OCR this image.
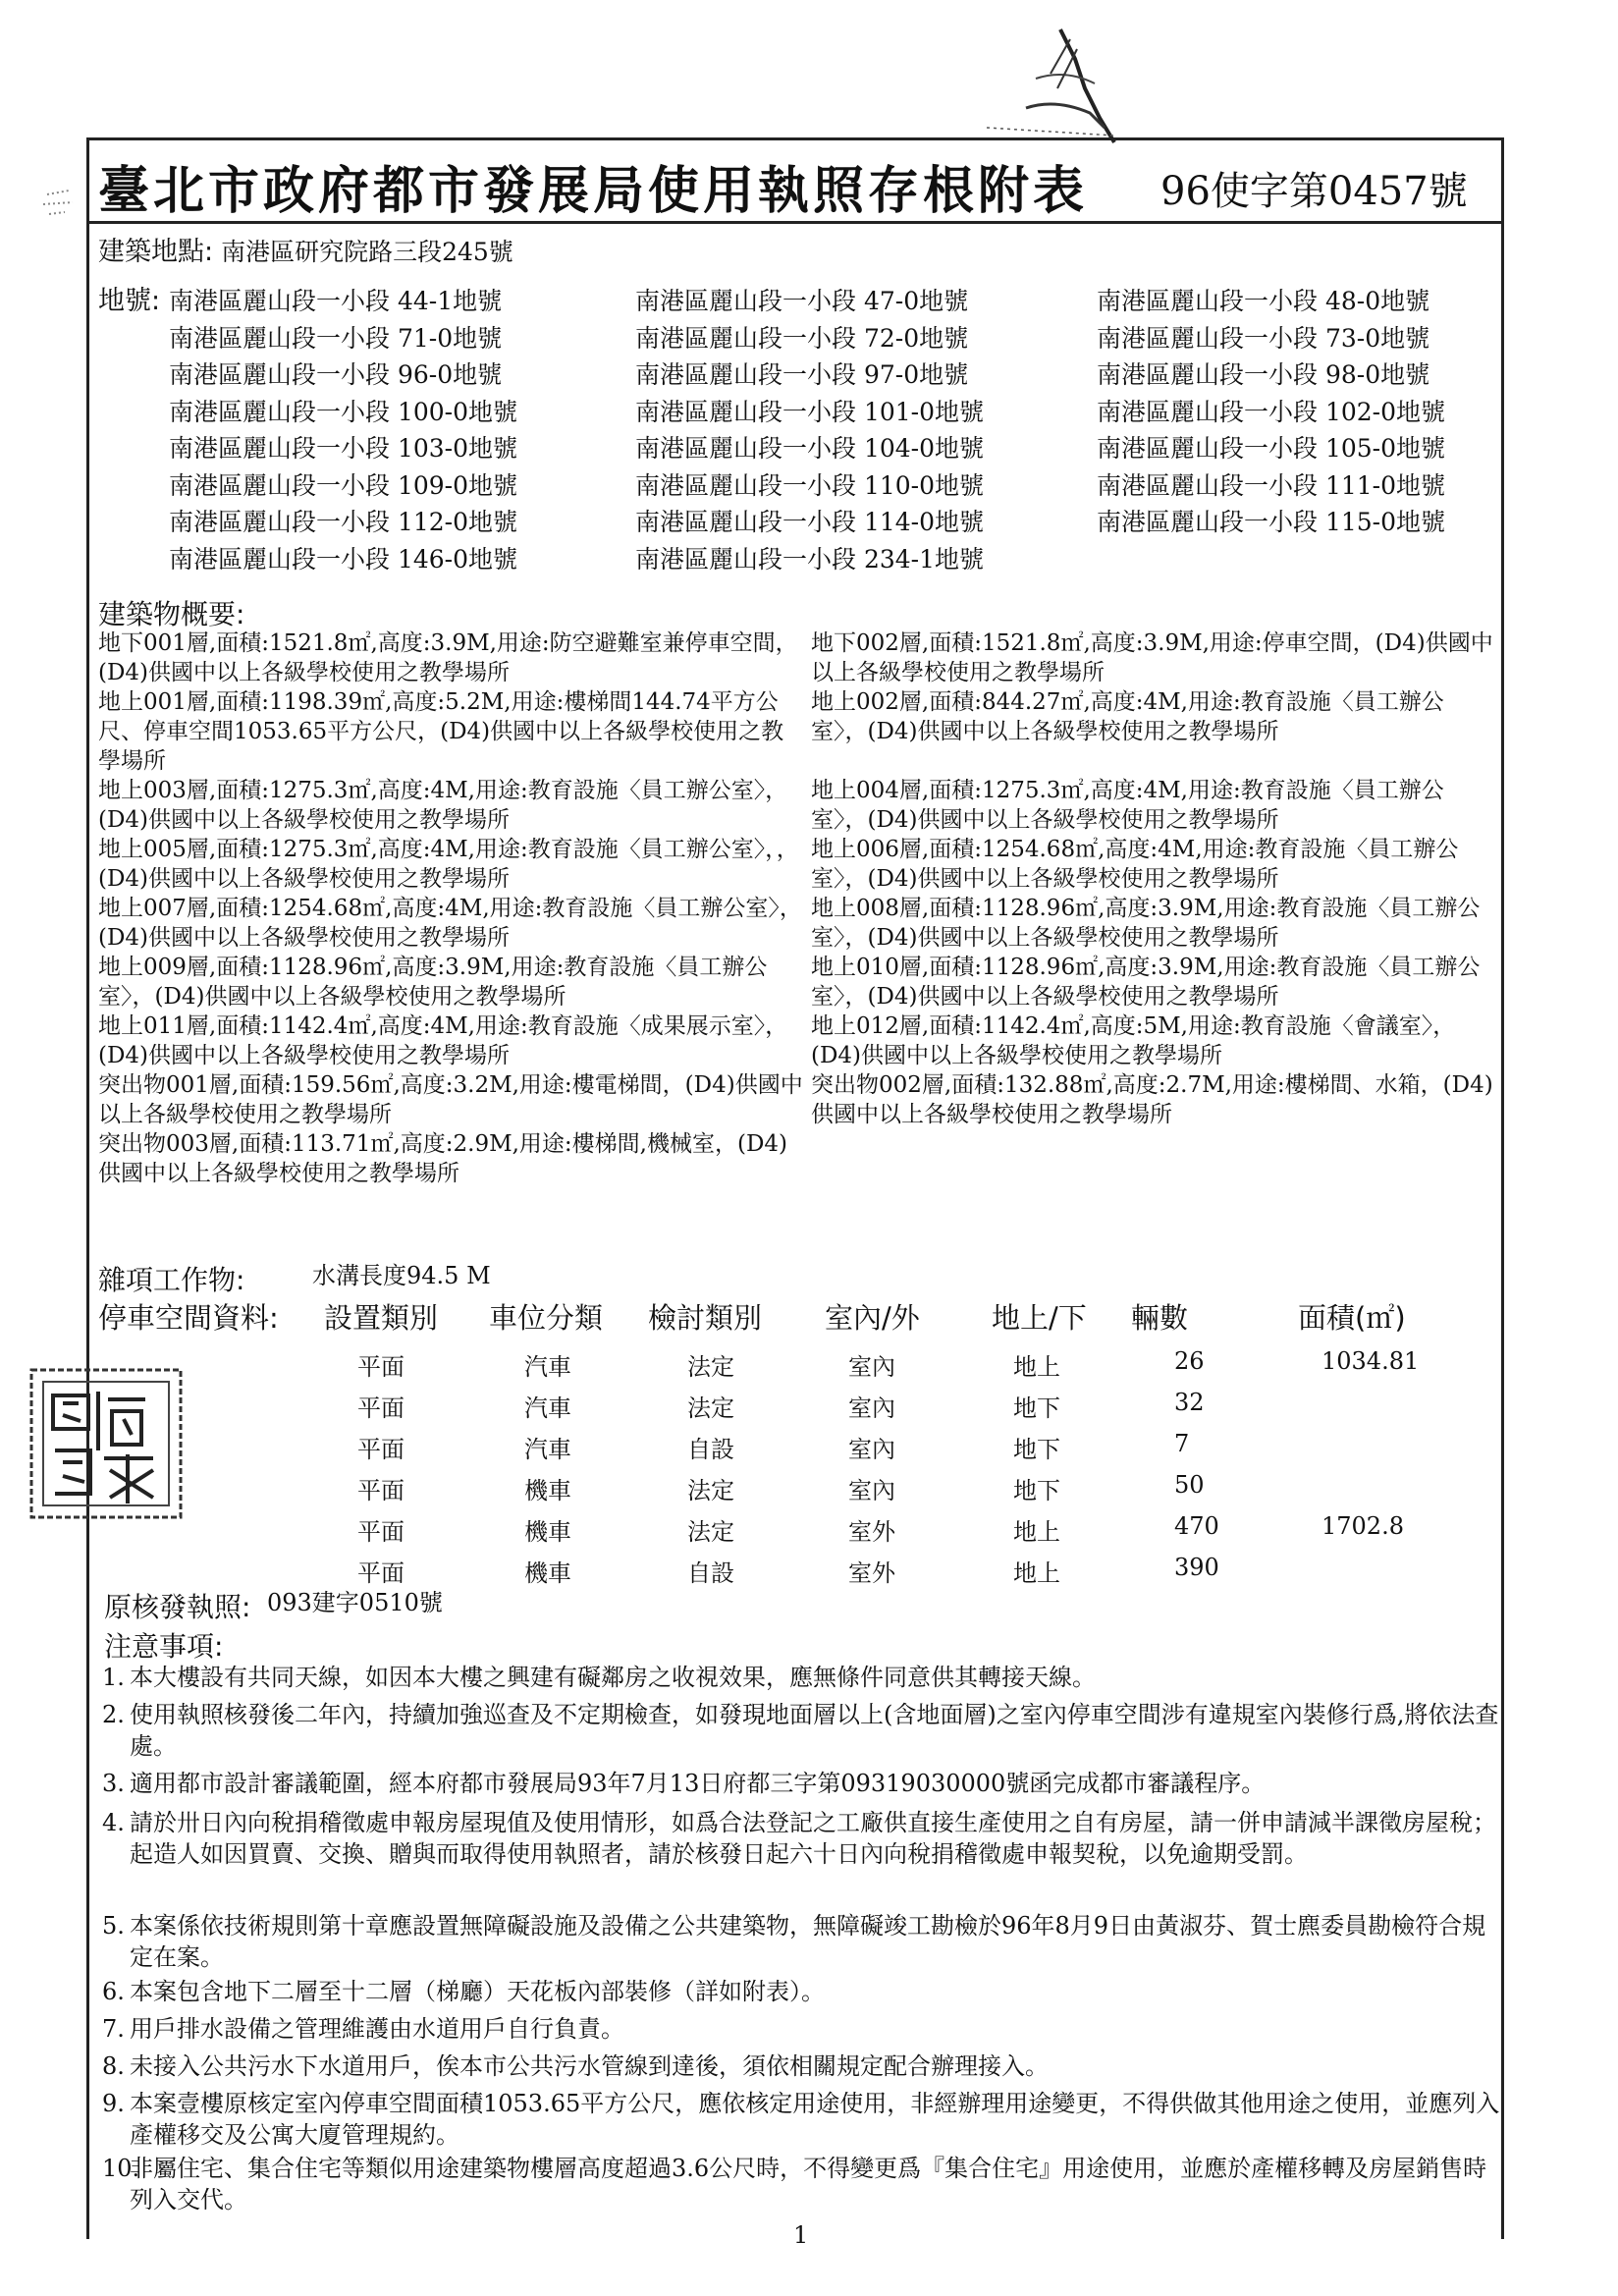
臺北市政府都市發展局使用執照存根附表 96使字第0457號
建築地點: 南港區研究院路三段245號
南港區麗山段一小段 44-1地號	南港區麗山段一小段 47-0地號	南港區麗山段一小段 48-0地號
南港區麗山段一小段 71-0地號	南港區麗山段一小段 72-0地號	南港區麗山段一小段 73-0地號
南港區麗山段一小段 96-0地號	南港區麗山段一小段 97-0地號	南港區麗山段一小段 98-0地號
南港區麗山段一小段 100-0地號	南港區麗山段一小段 101-0地號	南港區麗山段一小段 102-0地號
南港區麗山段一小段 103-0地號	南港區麗山段一小段 104-0地號	南港區麗山段一小段 105-0地號
南港區麗山段一小段 109-0地號	南港區麗山段一小段 110-0地號	南港區麗山段一小段 111-0地號
南港區麗山段一小段 112-0地號	南港區麗山段一小段 114-0地號	南港區麗山段一小段 115-0地號
南港區麗山段一小段 146-0地號	南港區麗山段一小段 234-1地號
地號:
建築物概要:
地下001層,面積:1521.8㎡,高度:3.9M,用途:防空避難室兼停車空間，(D4)供國中以上各級學校使用之教學場所
地上001層,面積:1198.39㎡,高度:5.2M,用途:樓梯間144.74平方公尺、停車空間1053.65平方公尺，(D4)供國中以上各級學校使用之教學場所
地上003層,面積:1275.3㎡,高度:4M,用途:教育設施〈員工辦公室〉，(D4)供國中以上各級學校使用之教學場所
地上005層,面積:1275.3㎡,高度:4M,用途:教育設施〈員工辦公室〉，，(D4)供國中以上各級學校使用之教學場所
地上007層,面積:1254.68㎡,高度:4M,用途:教育設施〈員工辦公室〉，(D4)供國中以上各級學校使用之教學場所
地上009層,面積:1128.96㎡,高度:3.9M,用途:教育設施〈員工辦公室〉，(D4)供國中以上各級學校使用之教學場所
地上011層,面積:1142.4㎡,高度:4M,用途:教育設施〈成果展示室〉，(D4)供國中以上各級學校使用之教學場所
突出物001層,面積:159.56㎡,高度:3.2M,用途:樓電梯間，(D4)供國中以上各級學校使用之教學場所
突出物003層,面積:113.71㎡,高度:2.9M,用途:樓梯間,機械室，(D4)供國中以上各級學校使用之教學場所
地下002層,面積:1521.8㎡,高度:3.9M,用途:停車空間，(D4)供國中以上各級學校使用之教學場所
地上002層,面積:844.27㎡,高度:4M,用途:教育設施〈員工辦公室〉，(D4)供國中以上各級學校使用之教學場所
地上004層,面積:1275.3㎡,高度:4M,用途:教育設施〈員工辦公室〉，(D4)供國中以上各級學校使用之教學場所
地上006層,面積:1254.68㎡,高度:4M,用途:教育設施〈員工辦公室〉，(D4)供國中以上各級學校使用之教學場所
地上008層,面積:1128.96㎡,高度:3.9M,用途:教育設施〈員工辦公室〉，(D4)供國中以上各級學校使用之教學場所
地上010層,面積:1128.96㎡,高度:3.9M,用途:教育設施〈員工辦公室〉，(D4)供國中以上各級學校使用之教學場所
地上012層,面積:1142.4㎡,高度:5M,用途:教育設施〈會議室〉，(D4)供國中以上各級學校使用之教學場所
突出物002層,面積:132.88㎡,高度:2.7M,用途:樓梯間、水箱，(D4)供國中以上各級學校使用之教學場所
雜項工作物:	水溝長度94.5 M
停車空間資料: 設置類別 車位分類 檢討類別 室內/外	地上/下 輛數	面積(㎡)
平面	汽車	法定	室內	地上	26	1034.81
平面	汽車	法定	室內	地下	32
平面	汽車	自設	室內	地下	7
平面	機車	法定	室內	地下	50
平面	機車	法定	室外	地上	470	1702.8
平面	機車	自設	室外	地上	390
原核發執照: 093建字0510號
注意事項:
1. 本大樓設有共同天線，如因本大樓之興建有礙鄰房之收視效果，應無條件同意供其轉接天線。
2. 使用執照核發後二年內，持續加強巡查及不定期檢查，如發現地面層以上(含地面層)之室內停車空間涉有違規室內裝修行爲,將依法查處。
3. 適用都市設計審議範圍，經本府都市發展局93年7月13日府都三字第09319030000號函完成都市審議程序。
4. 請於卅日內向稅捐稽徵處申報房屋現值及使用情形，如爲合法登記之工廠供直接生產使用之自有房屋，請一併申請減半課徵房屋稅；起造人如因買賣、交換、贈與而取得使用執照者，請於核發日起六十日內向稅捐稽徵處申報契稅，以免逾期受罰。
5. 本案係依技術規則第十章應設置無障礙設施及設備之公共建築物，無障礙竣工勘檢於96年8月9日由黃淑芬、賀士麃委員勘檢符合規定在案。
6. 本案包含地下二層至十二層（梯廳）天花板內部裝修（詳如附表）。
7. 用戶排水設備之管理維護由水道用戶自行負責。
8. 未接入公共污水下水道用戶，俟本市公共污水管線到達後，須依相關規定配合辦理接入。
9. 本案壹樓原核定室內停車空間面積1053.65平方公尺，應依核定用途使用，非經辦理用途變更，不得供做其他用途之使用，並應列入產權移交及公寓大廈管理規約。
10.
非屬住宅、集合住宅等類似用途建築物樓層高度超過3.6公尺時，不得變更爲『集合住宅』用途使用，並應於產權移轉及房屋銷售時列入交代。
1
